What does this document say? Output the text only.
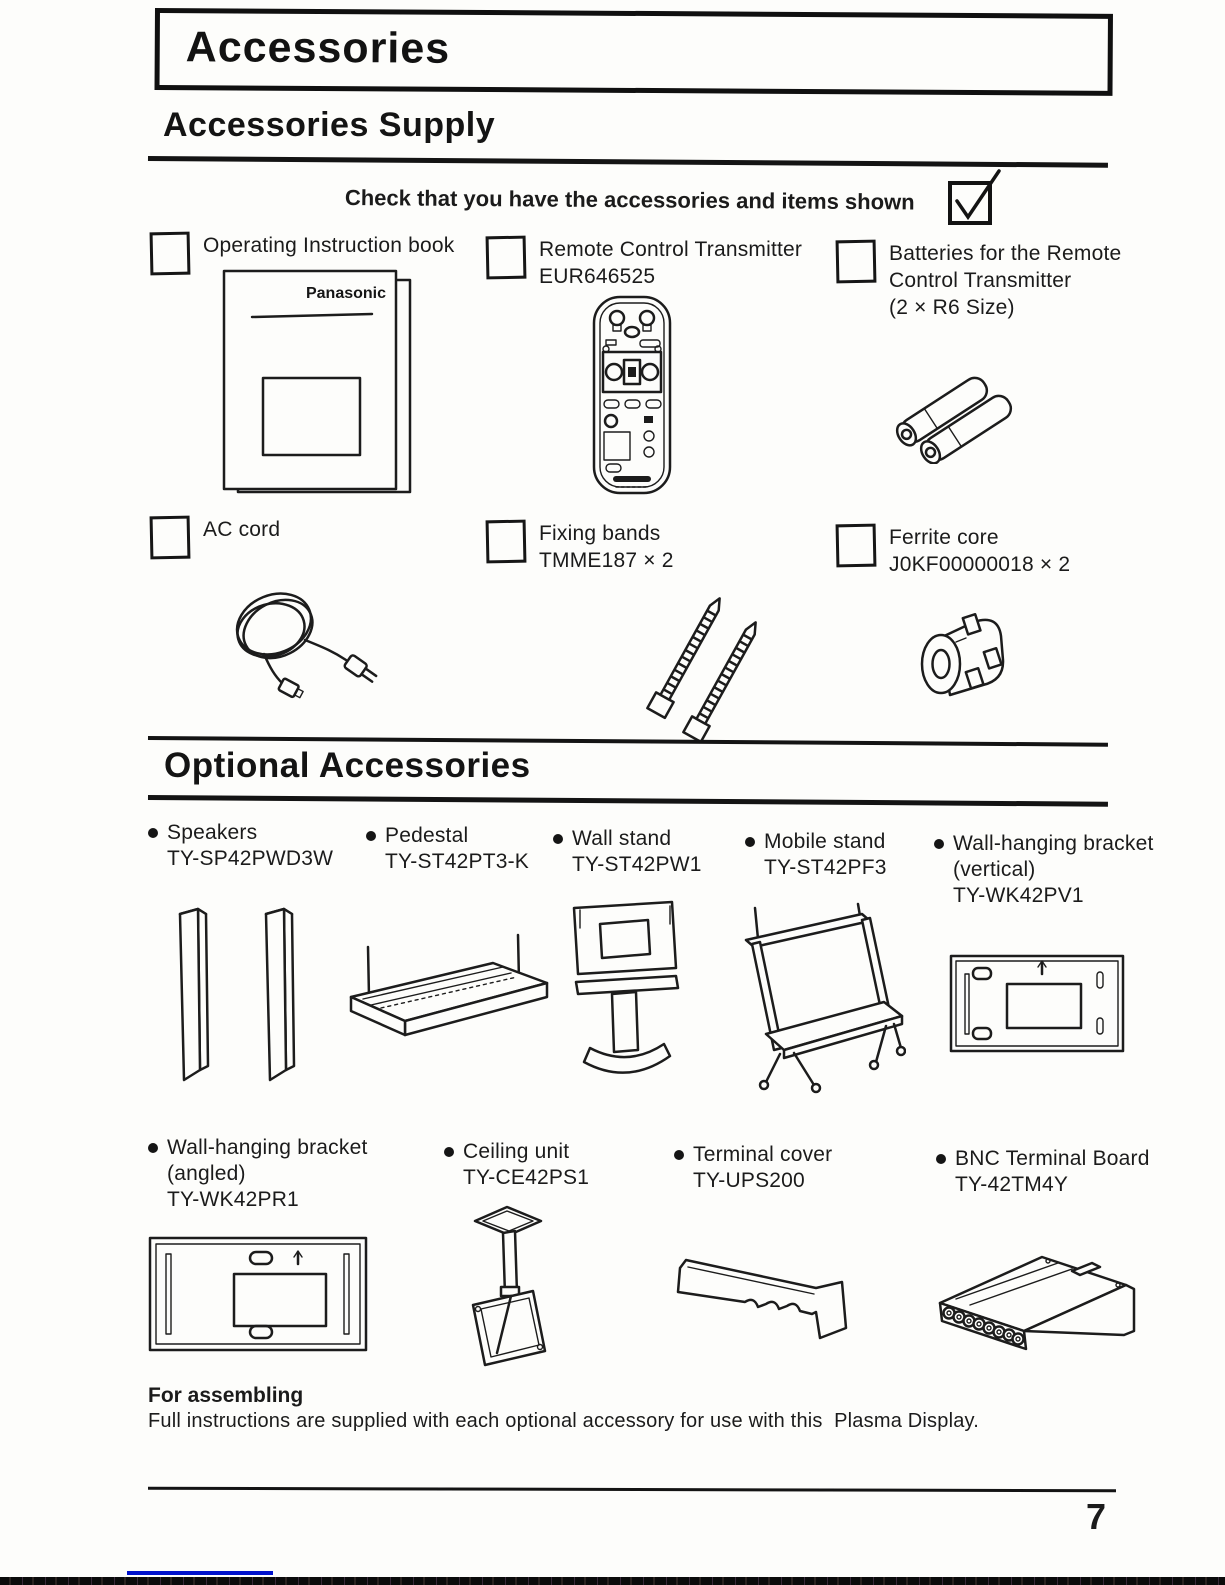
Accessories
Accessories Supply
Check that you have the accessories and items shown
Operating Instruction book	Remote Control Transmitter
EUR646525
Batteries for the Remote
Control Transmitter
(2 × R6 Size)
Panasonic
AC cord	Fixing bands
TMME187 × 2
Ferrite core
J0KF00000018 × 2
Optional Accessories
Speakers
TY-SP42PWD3W
Pedestal
TY-ST42PT3-K
Wall stand
TY-ST42PW1
Mobile stand
TY-ST42PF3
Wall-hanging bracket
(vertical)
TY-WK42PV1
Wall-hanging bracket
(angled)
TY-WK42PR1
Ceiling unit
TY-CE42PS1
Terminal cover
TY-UPS200
BNC Terminal Board
TY-42TM4Y
For assembling
Full instructions are supplied with each optional accessory for use with this  Plasma Display.
7
